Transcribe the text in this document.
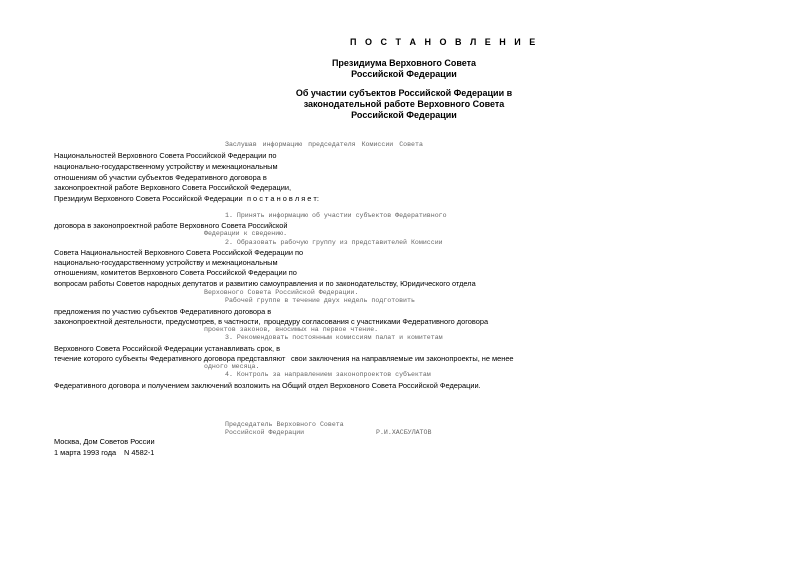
П О С Т А Н О В Л Е Н И Е
Президиума Верховного Совета
Российской Федерации
Об участии субъектов Российской Федерации в
законодательной работе Верховного Совета
Российской Федерации
Заслушав информацию председателя Комиссии Совета
Национальностей Верховного Совета Российской Федерации по
национально-государственному устройству и межнациональным
отношениям об участии субъектов Федеративного договора в
законопроектной работе Верховного Совета Российской Федерации,
Президиум Верховного Совета Российской Федерации п о с т а н о в л я е т:
1. Принять информацию об участии субъектов Федеративного
договора в законопроектной работе Верховного Совета Российской
Федерации к сведению.
2. Образовать рабочую группу из представителей Комиссии
Совета Национальностей Верховного Совета Российской Федерации по
национально-государственному устройству и межнациональным
отношениям, комитетов Верховного Совета Российской Федерации по
вопросам работы Советов народных депутатов и развитию самоуправления и по законодательству, Юридического отдела
Верховного Совета Российской Федерации.
Рабочей группе в течение двух недель подготовить
предложения по участию субъектов Федеративного договора в
законопроектной деятельности, предусмотрев, в частности, процедуру согласования с участниками Федеративного договора
проектов законов, вносимых на первое чтение.
3. Рекомендовать постоянным комиссиям палат и комитетам
Верховного Совета Российской Федерации устанавливать срок, в
течение которого субъекты Федеративного договора представляют свои заключения на направляемые им законопроекты, не менее
одного месяца.
4. Контроль за направлением законопроектов субъектам
Федеративного договора и получением заключений возложить на Общий отдел Верховного Совета Российской Федерации.
Председатель Верховного Совета
Российской Федерации	Р.И.ХАСБУЛАТОВ
Москва, Дом Советов России
1 марта 1993 года N 4582-1
